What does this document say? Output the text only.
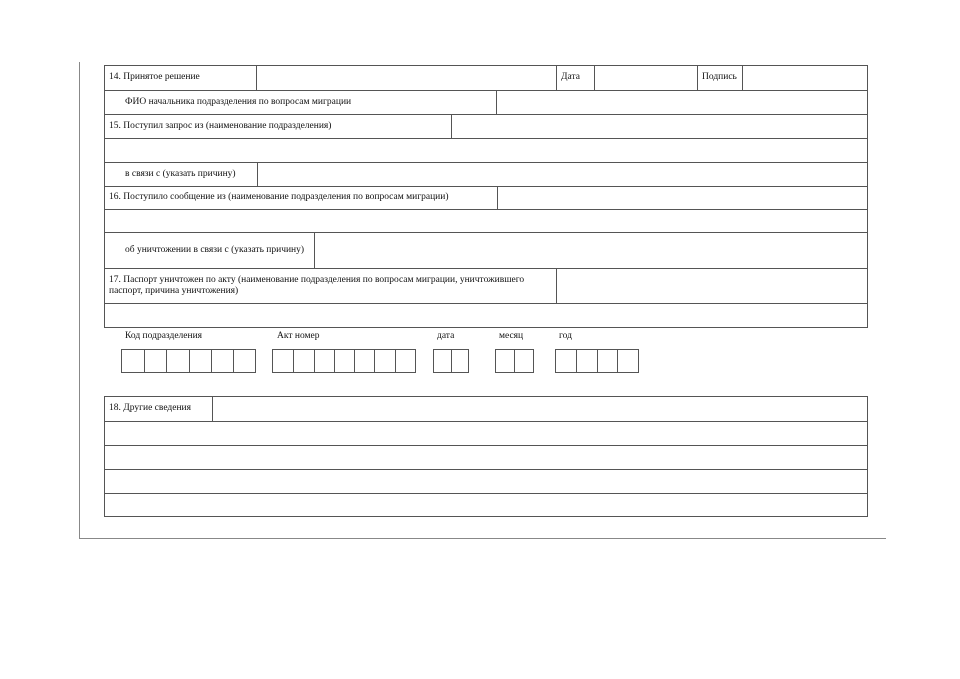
14. Принятое решение	Дата	Подпись
ФИО начальника подразделения по вопросам миграции
15. Поступил запрос из (наименование подразделения)
в связи с (указать причину)
16. Поступило сообщение из (наименование подразделения по вопросам миграции)
об уничтожении в связи с (указать причину)
17. Паспорт уничтожен по акту (наименование подразделения по вопросам миграции, уничтожившего паспорт, причина уничтожения)
Код подразделения	Акт номер	дата	месяц	год
18. Другие сведения
